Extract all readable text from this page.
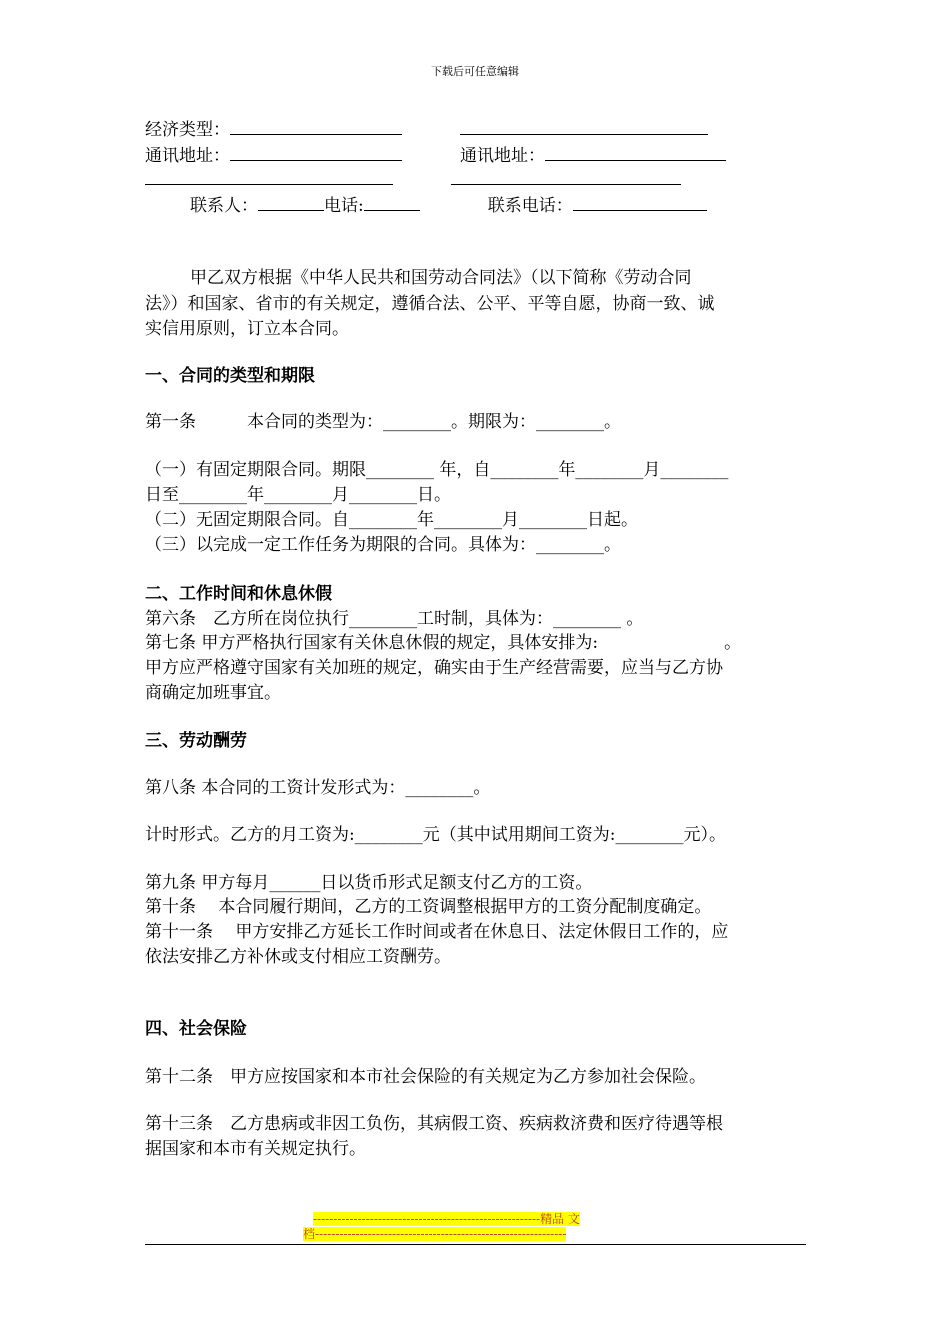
下载后可任意编辑
经济类型：
通讯地址：	通讯地址：
联系人：	电话:	联系电话：
甲乙双方根据《中华人民共和国劳动合同法》（以下简称《劳动合同
法》）和国家、省市的有关规定，遵循合法、公平、平等自愿，协商一致、诚
实信用原则，订立本合同。
一、合同的类型和期限
第一条　　　本合同的类型为：________。期限为：________。
（一）有固定期限合同。期限________ 年，自________年________月________
日至________年________月________日。
（二）无固定期限合同。自________年________月________日起。
（三）以完成一定工作任务为期限的合同。具体为：________。
二、工作时间和休息休假
第六条　乙方所在岗位执行________工时制，具体为：________ 。
第七条 甲方严格执行国家有关休息休假的规定，具体安排为:	。
甲方应严格遵守国家有关加班的规定，确实由于生产经营需要，应当与乙方协
商确定加班事宜。
三、劳动酬劳
第八条 本合同的工资计发形式为：________。
计时形式。乙方的月工资为:________元（其中试用期间工资为:________元）。
第九条 甲方每月______日以货币形式足额支付乙方的工资。
第十条　 本合同履行期间，乙方的工资调整根据甲方的工资分配制度确定。
第十一条　 甲方安排乙方延长工作时间或者在休息日、法定休假日工作的，应
依法安排乙方补休或支付相应工资酬劳。
四、社会保险
第十二条　甲方应按国家和本市社会保险的有关规定为乙方参加社会保险。
第十三条　乙方患病或非因工负伤，其病假工资、疾病救济费和医疗待遇等根
据国家和本市有关规定执行。
--------------------------------------------------------精品 文
档--------------------------------------------------------------
